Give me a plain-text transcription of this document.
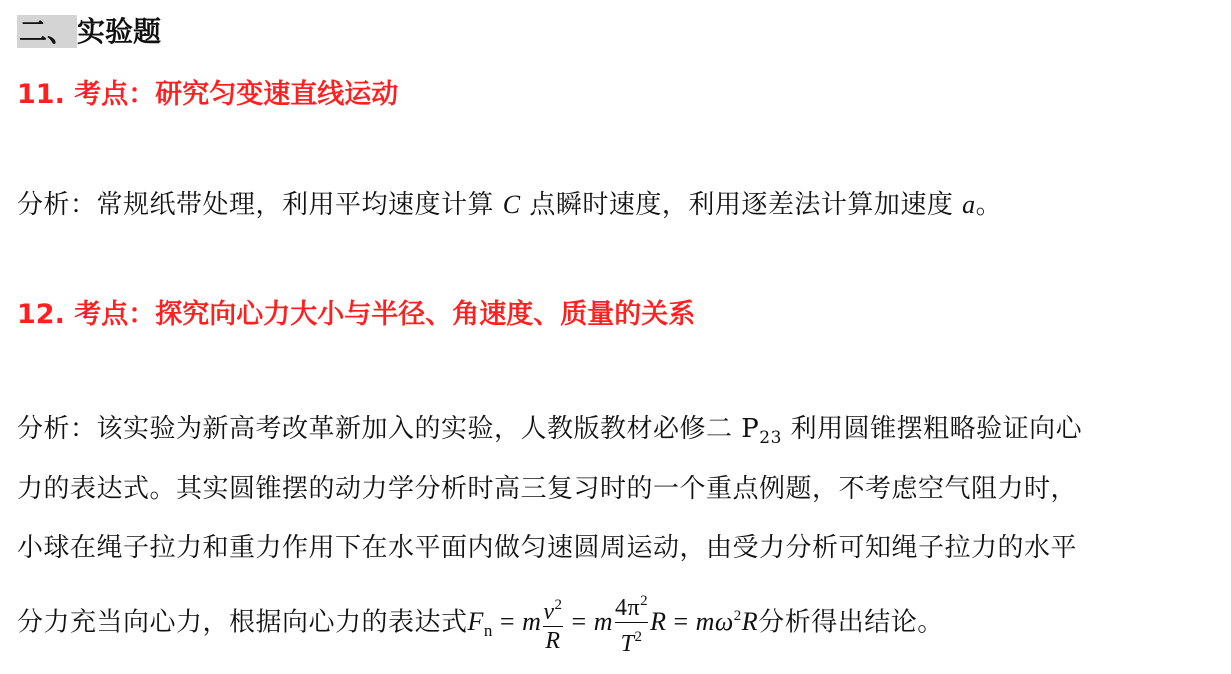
二、实验题
11. 考点：研究匀变速直线运动
分析：常规纸带处理，利用平均速度计算 C 点瞬时速度，利用逐差法计算加速度 a。
12. 考点：探究向心力大小与半径、角速度、质量的关系
分析：该实验为新高考改革新加入的实验，人教版教材必修二 $P_{23}$ 利用圆锥摆粗略验证向心
力的表达式。其实圆锥摆的动力学分析时高三复习时的一个重点例题，不考虑空气阻力时，
小球在绳子拉力和重力作用下在水平面内做匀速圆周运动，由受力分析可知绳子拉力的水平
分力充当向心力，根据向心力的表达式$F_n = m \frac{v^2}{R} = m \frac{4\pi^2}{T^2}$ $R = m\omega^2R$分析得出结论。
